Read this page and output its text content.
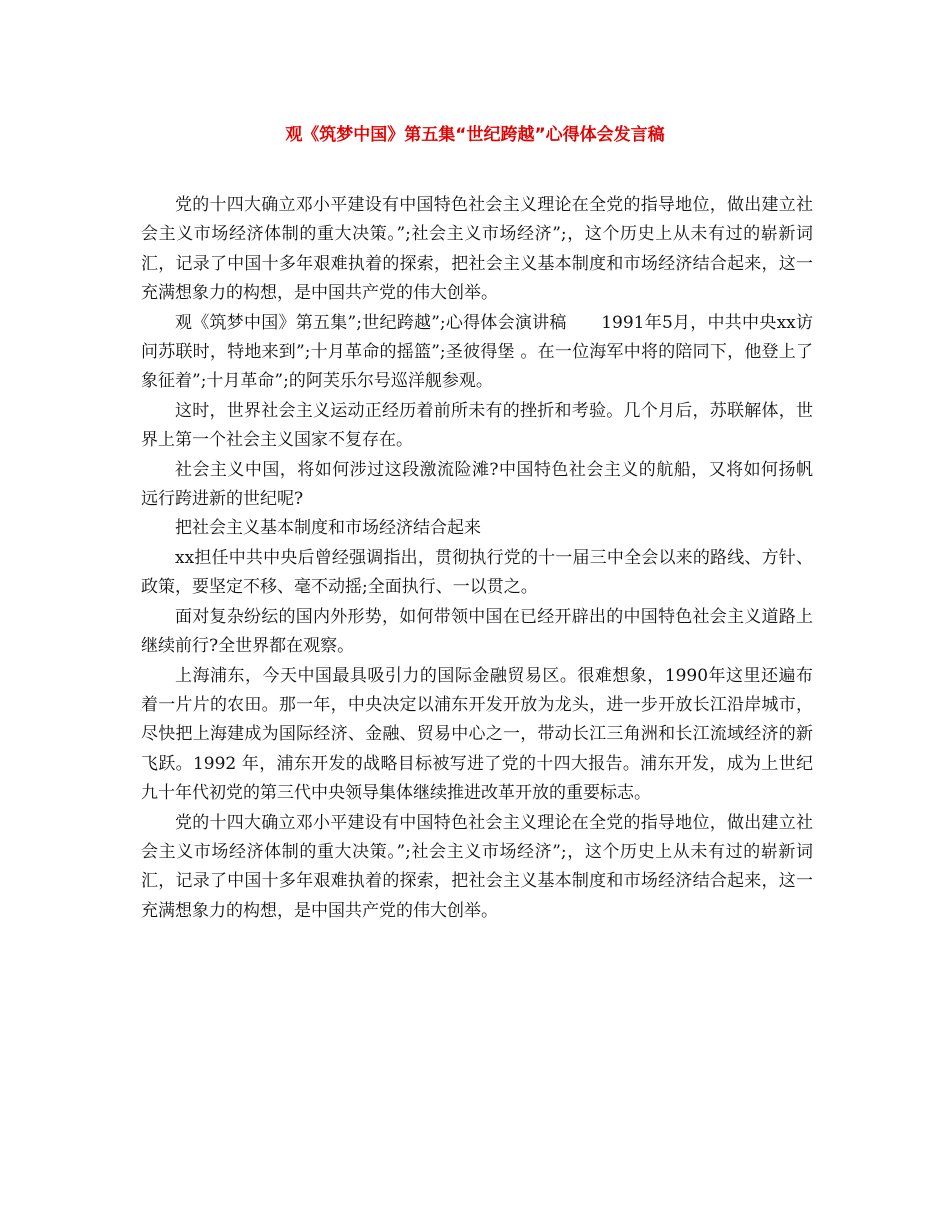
观《筑梦中国》第五集“世纪跨越”心得体会发言稿

党的十四大确立邓小平建设有中国特色社会主义理论在全党的指导地位，做出建立社会主义市场经济体制的重大决策。”;社会主义市场经济”;，这个历史上从未有过的崭新词汇，记录了中国十多年艰难执着的探索，把社会主义基本制度和市场经济结合起来，这一充满想象力的构想，是中国共产党的伟大创举。

观《筑梦中国》第五集”;世纪跨越”;心得体会演讲稿　　1991年5月，中共中央xx访问苏联时，特地来到”;十月革命的摇篮”;圣彼得堡 。在一位海军中将的陪同下，他登上了象征着”;十月革命”;的阿芙乐尔号巡洋舰参观。

这时，世界社会主义运动正经历着前所未有的挫折和考验。几个月后，苏联解体，世界上第一个社会主义国家不复存在。

社会主义中国，将如何涉过这段激流险滩?中国特色社会主义的航船，又将如何扬帆远行跨进新的世纪呢?

把社会主义基本制度和市场经济结合起来

xx担任中共中央后曾经强调指出，贯彻执行党的十一届三中全会以来的路线、方针、政策，要坚定不移、毫不动摇;全面执行、一以贯之。

面对复杂纷纭的国内外形势，如何带领中国在已经开辟出的中国特色社会主义道路上继续前行?全世界都在观察。

上海浦东，今天中国最具吸引力的国际金融贸易区。很难想象，1990年这里还遍布着一片片的农田。那一年，中央决定以浦东开发开放为龙头，进一步开放长江沿岸城市，尽快把上海建成为国际经济、金融、贸易中心之一，带动长江三角洲和长江流域经济的新飞跃。1992 年，浦东开发的战略目标被写进了党的十四大报告。浦东开发，成为上世纪九十年代初党的第三代中央领导集体继续推进改革开放的重要标志。

党的十四大确立邓小平建设有中国特色社会主义理论在全党的指导地位，做出建立社会主义市场经济体制的重大决策。”;社会主义市场经济”;，这个历史上从未有过的崭新词汇，记录了中国十多年艰难执着的探索，把社会主义基本制度和市场经济结合起来，这一充满想象力的构想，是中国共产党的伟大创举。
